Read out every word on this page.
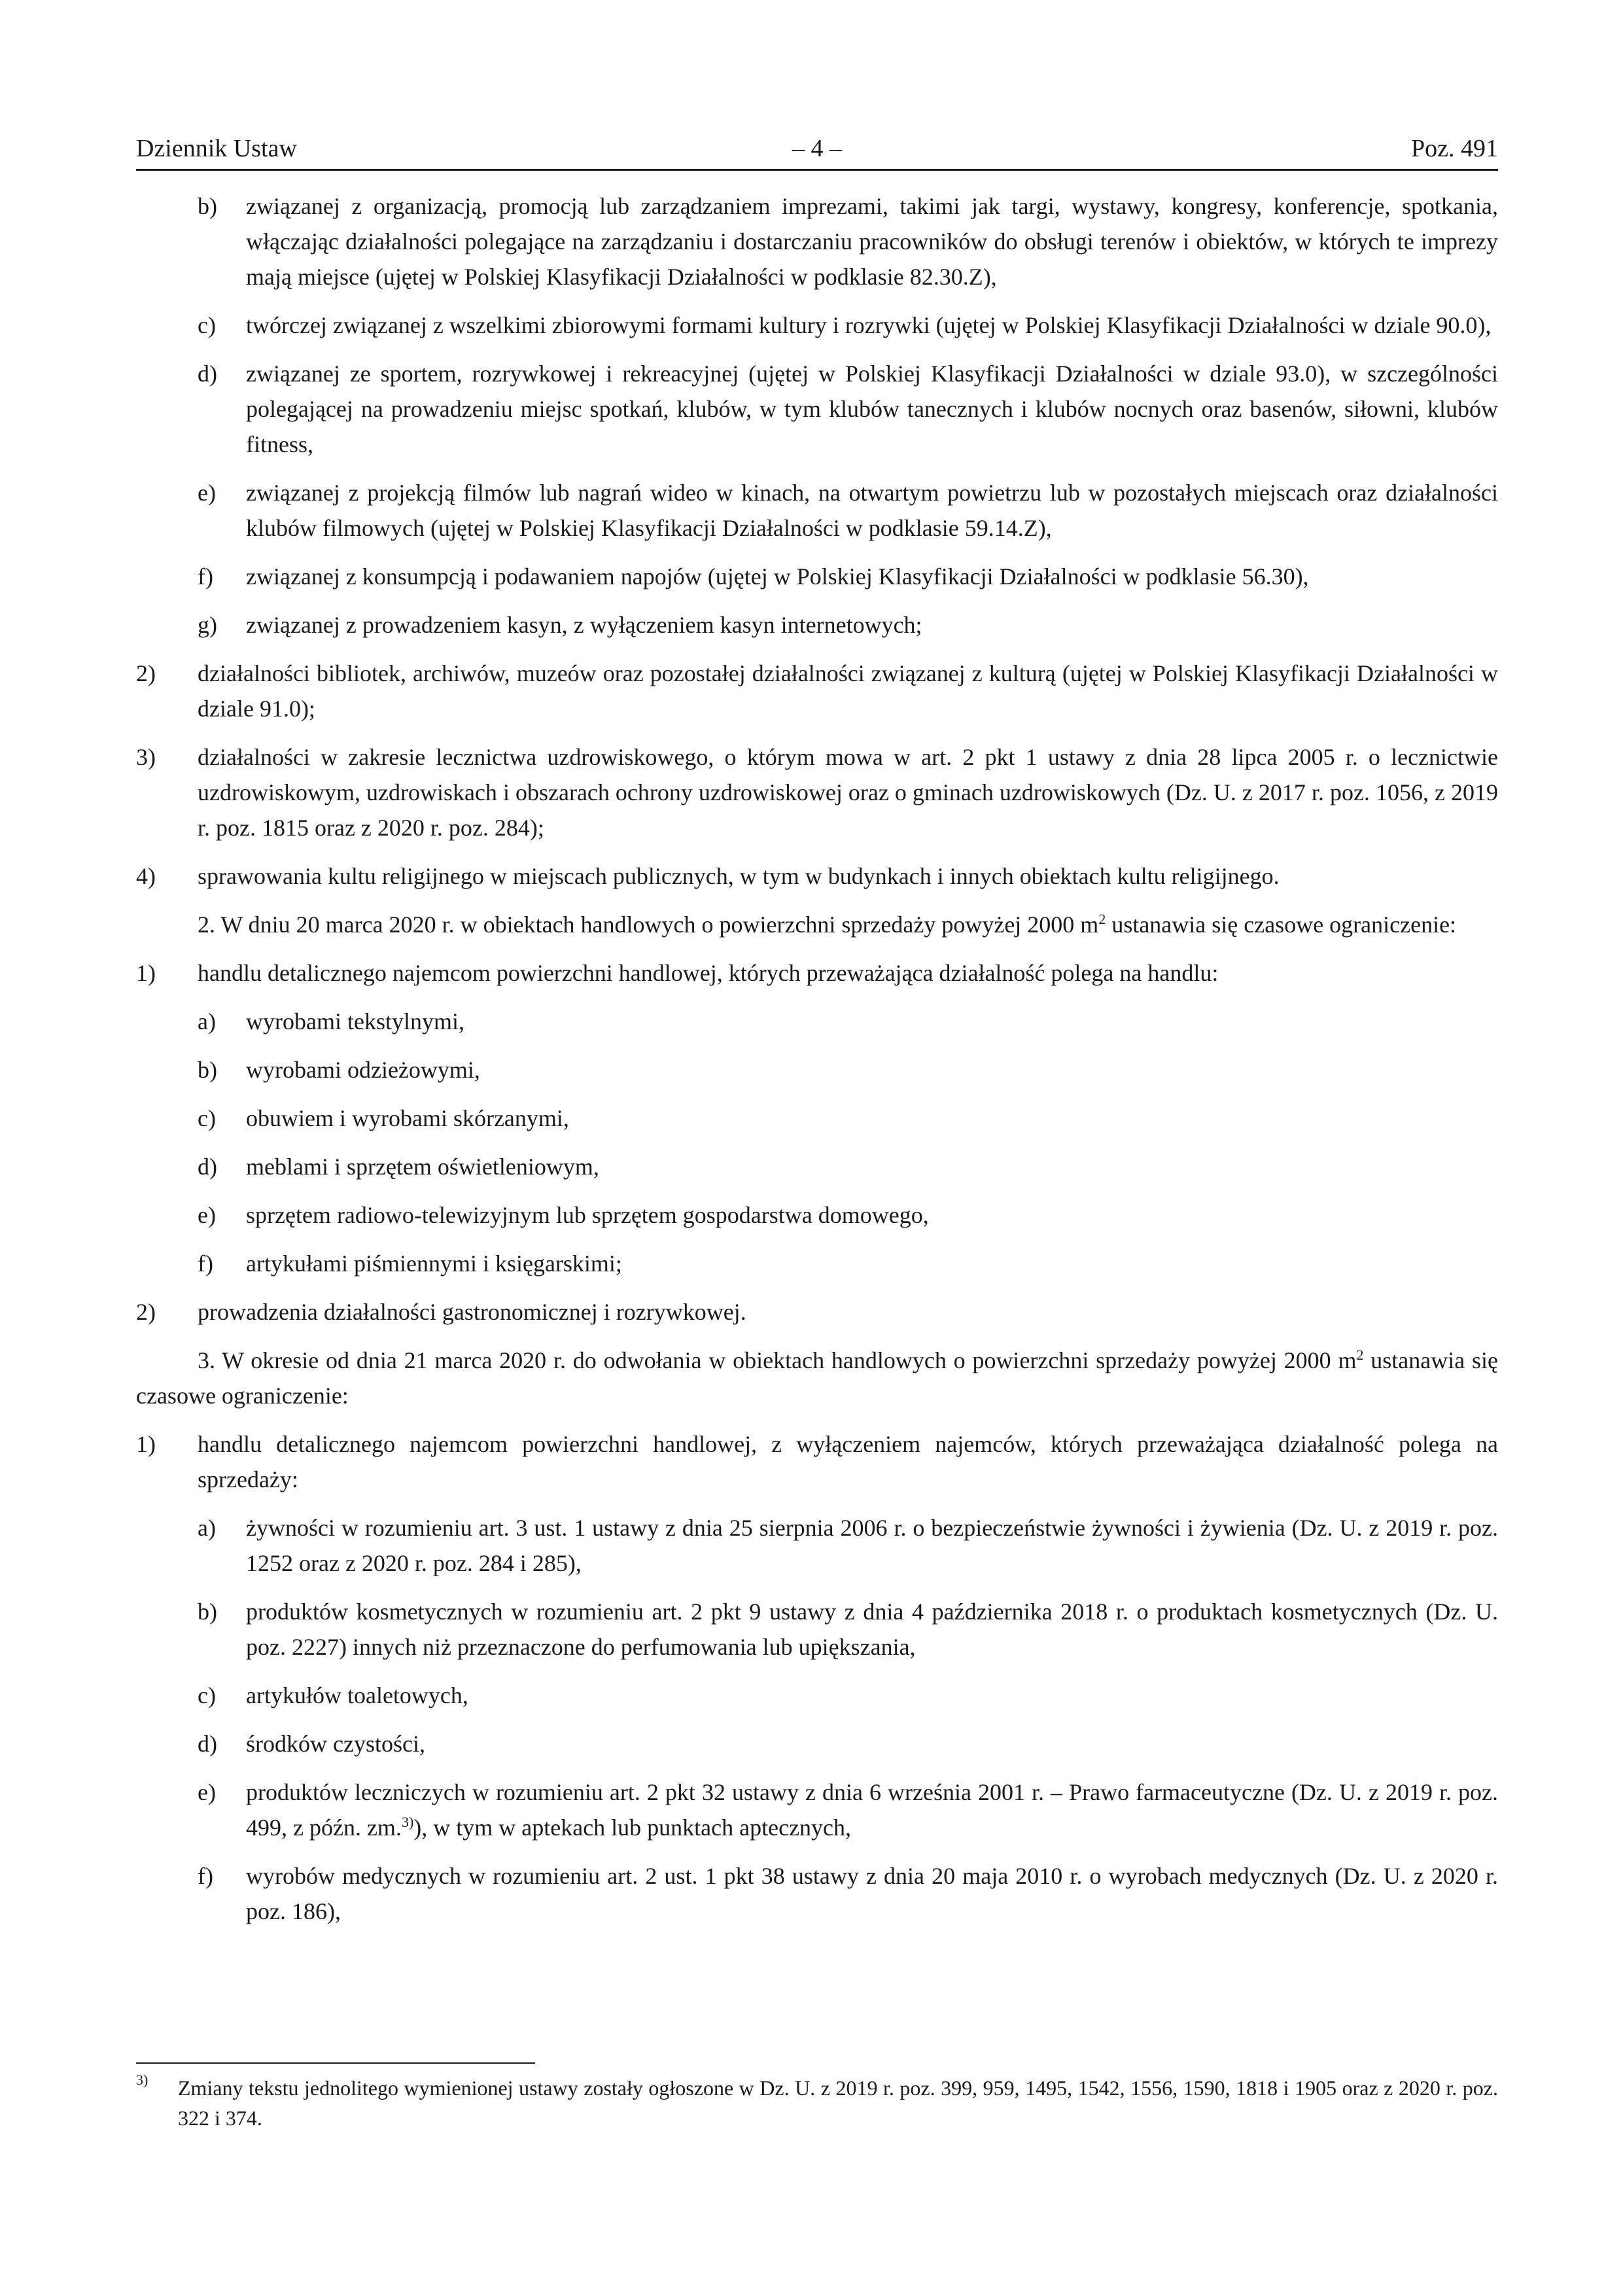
Dziennik Ustaw	– 4 –	Poz. 491
b) związanej z organizacją, promocją lub zarządzaniem imprezami, takimi jak targi, wystawy, kongresy, konferencje, spotkania, włączając działalności polegające na zarządzaniu i dostarczaniu pracowników do obsługi terenów i obiektów, w których te imprezy mają miejsce (ujętej w Polskiej Klasyfikacji Działalności w podklasie 82.30.Z),
c) twórczej związanej z wszelkimi zbiorowymi formami kultury i rozrywki (ujętej w Polskiej Klasyfikacji Działalności w dziale 90.0),
d) związanej ze sportem, rozrywkowej i rekreacyjnej (ujętej w Polskiej Klasyfikacji Działalności w dziale 93.0), w szczególności polegającej na prowadzeniu miejsc spotkań, klubów, w tym klubów tanecznych i klubów nocnych oraz basenów, siłowni, klubów fitness,
e) związanej z projekcją filmów lub nagrań wideo w kinach, na otwartym powietrzu lub w pozostałych miejscach oraz działalności klubów filmowych (ujętej w Polskiej Klasyfikacji Działalności w podklasie 59.14.Z),
f) związanej z konsumpcją i podawaniem napojów (ujętej w Polskiej Klasyfikacji Działalności w podklasie 56.30),
g) związanej z prowadzeniem kasyn, z wyłączeniem kasyn internetowych;
2) działalności bibliotek, archiwów, muzeów oraz pozostałej działalności związanej z kulturą (ujętej w Polskiej Klasyfikacji Działalności w dziale 91.0);
3) działalności w zakresie lecznictwa uzdrowiskowego, o którym mowa w art. 2 pkt 1 ustawy z dnia 28 lipca 2005 r. o lecznictwie uzdrowiskowym, uzdrowiskach i obszarach ochrony uzdrowiskowej oraz o gminach uzdrowiskowych (Dz. U. z 2017 r. poz. 1056, z 2019 r. poz. 1815 oraz z 2020 r. poz. 284);
4) sprawowania kultu religijnego w miejscach publicznych, w tym w budynkach i innych obiektach kultu religijnego.
2. W dniu 20 marca 2020 r. w obiektach handlowych o powierzchni sprzedaży powyżej 2000 $m^2$ ustanawia się czasowe ograniczenie:
1) handlu detalicznego najemcom powierzchni handlowej, których przeważająca działalność polega na handlu:
a) wyrobami tekstylnymi,
b) wyrobami odzieżowymi,
c) obuwiem i wyrobami skórzanymi,
d) meblami i sprzętem oświetleniowym,
e) sprzętem radiowo-telewizyjnym lub sprzętem gospodarstwa domowego,
f) artykułami piśmiennymi i księgarskimi;
2) prowadzenia działalności gastronomicznej i rozrywkowej.
3. W okresie od dnia 21 marca 2020 r. do odwołania w obiektach handlowych o powierzchni sprzedaży powyżej 2000 $m^2$ ustanawia się czasowe ograniczenie:
1) handlu detalicznego najemcom powierzchni handlowej, z wyłączeniem najemców, których przeważająca działalność polega na sprzedaży:
a) żywności w rozumieniu art. 3 ust. 1 ustawy z dnia 25 sierpnia 2006 r. o bezpieczeństwie żywności i żywienia (Dz. U. z 2019 r. poz. 1252 oraz z 2020 r. poz. 284 i 285),
b) produktów kosmetycznych w rozumieniu art. 2 pkt 9 ustawy z dnia 4 października 2018 r. o produktach kosmetycznych (Dz. U. poz. 2227) innych niż przeznaczone do perfumowania lub upiększania,
c) artykułów toaletowych,
d) środków czystości,
e) produktów leczniczych w rozumieniu art. 2 pkt 32 ustawy z dnia 6 września 2001 r. – Prawo farmaceutyczne (Dz. U. z 2019 r. poz. 499, z późn. zm.$^{3)}$), w tym w aptekach lub punktach aptecznych,
f) wyrobów medycznych w rozumieniu art. 2 ust. 1 pkt 38 ustawy z dnia 20 maja 2010 r. o wyrobach medycznych (Dz. U. z 2020 r. poz. 186),
3) Zmiany tekstu jednolitego wymienionej ustawy zostały ogłoszone w Dz. U. z 2019 r. poz. 399, 959, 1495, 1542, 1556, 1590, 1818 i 1905 oraz z 2020 r. poz. 322 i 374.
